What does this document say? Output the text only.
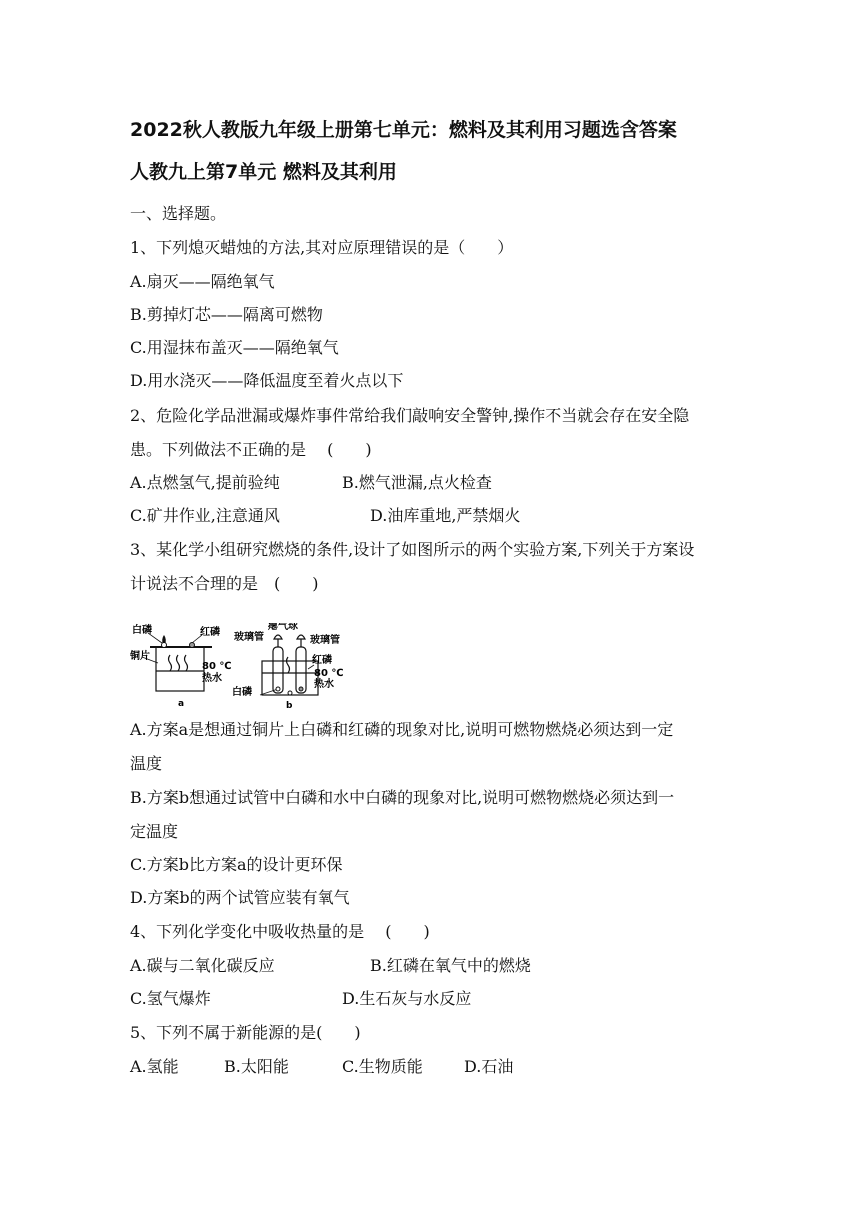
2022秋人教版九年级上册第七单元：燃料及其利用习题选含答案
人教九上第7单元 燃料及其利用
一、选择题。
1、下列熄灭蜡烛的方法,其对应原理错误的是（　　）
A.扇灭——隔绝氧气
B.剪掉灯芯——隔离可燃物
C.用湿抹布盖灭——隔绝氧气
D.用水浇灭——降低温度至着火点以下
2、危险化学品泄漏或爆炸事件常给我们敲响安全警钟,操作不当就会存在安全隐
患。下列做法不正确的是　 (　　)
A.点燃氢气,提前验纯	B.燃气泄漏,点火检查
C.矿井作业,注意通风	D.油库重地,严禁烟火
3、某化学小组研究燃烧的条件,设计了如图所示的两个实验方案,下列关于方案设
计说法不合理的是　(　　)
白磷	红磷
铜片
80 ℃
热水
a
瘪气球
玻璃管	玻璃管
红磷
80 ℃
热水
白磷
b
A.方案a是想通过铜片上白磷和红磷的现象对比,说明可燃物燃烧必须达到一定
温度
B.方案b想通过试管中白磷和水中白磷的现象对比,说明可燃物燃烧必须达到一
定温度
C.方案b比方案a的设计更环保
D.方案b的两个试管应装有氧气
4、下列化学变化中吸收热量的是　 (　　)
A.碳与二氧化碳反应	B.红磷在氧气中的燃烧
C.氢气爆炸	D.生石灰与水反应
5、下列不属于新能源的是(　　)
A.氢能	B.太阳能	C.生物质能	D.石油
